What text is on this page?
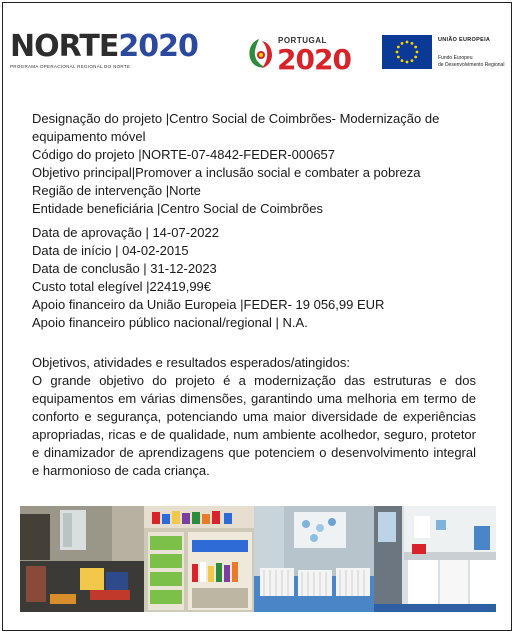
NORTE2020
PROGRAMA OPERACIONAL REGIONAL DO NORTE
PORTUGAL
2020
UNIÃO EUROPEIA
Fundo Europeu
de Desenvolvimento Regional
Designação do projeto |Centro Social de Coimbrões- Modernização de equipamento móvel
Código do projeto |NORTE-07-4842-FEDER-000657
Objetivo principal|Promover a inclusão social e combater a pobreza
Região de intervenção |Norte
Entidade beneficiária |Centro Social de Coimbrões
Data de aprovação | 14-07-2022
Data de início | 04-02-2015
Data de conclusão | 31-12-2023
Custo total elegível |22419,99€
Apoio financeiro da União Europeia |FEDER- 19 056,99 EUR
Apoio financeiro público nacional/regional | N.A.
Objetivos, atividades e resultados esperados/atingidos:
O grande objetivo do projeto é a modernização das estruturas e dos equipamentos em várias dimensões, garantindo uma melhoria em termo de conforto e segurança, potenciando uma maior diversidade de experiências apropriadas, ricas e de qualidade, num ambiente acolhedor, seguro, protetor e dinamizador de aprendizagens que potenciem o desenvolvimento integral e harmonioso de cada criança.
